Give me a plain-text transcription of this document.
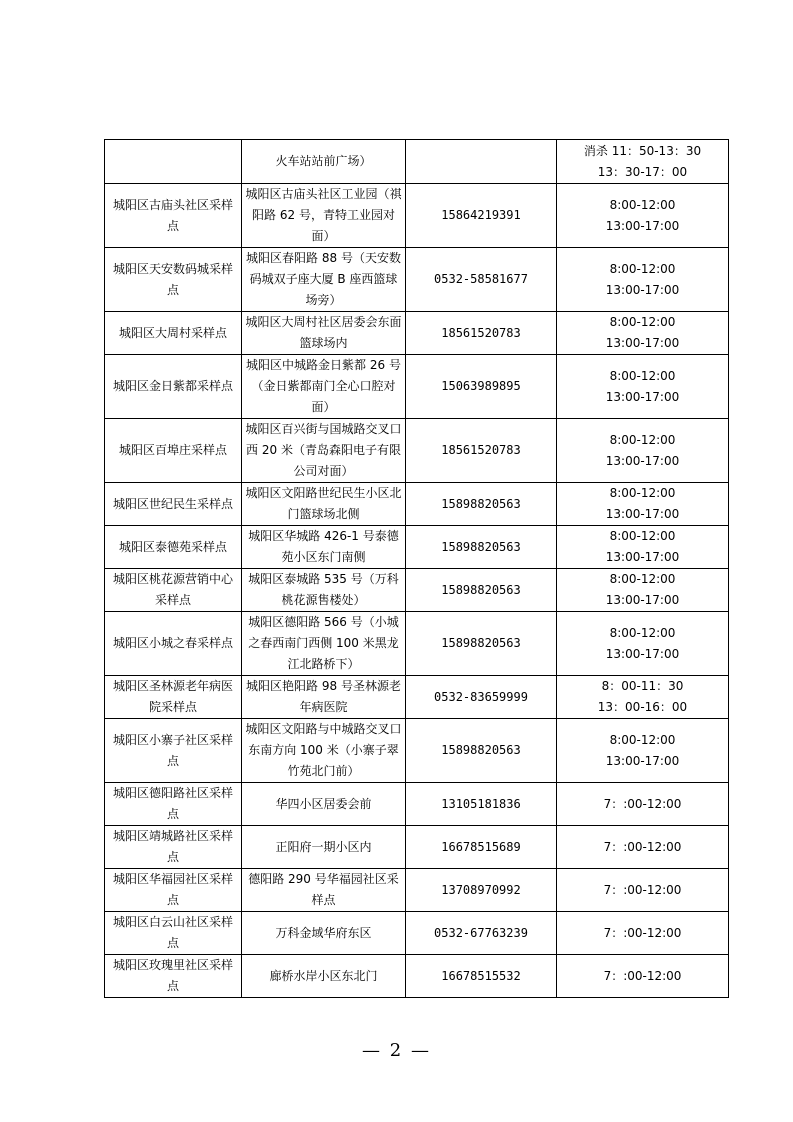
	火车站站前广场）		消杀 11：50-13：30
13：30-17：00

城阳区古庙头社区采样点	城阳区古庙头社区工业园（祺阳路 62 号，青特工业园对面）	15864219391	8:00-12:00
13:00-17:00

城阳区天安数码城采样点	城阳区春阳路 88 号（天安数码城双子座大厦 B 座西篮球场旁）	0532-58581677	8:00-12:00
13:00-17:00

城阳区大周村采样点	城阳区大周村社区居委会东面篮球场内	18561520783	8:00-12:00
13:00-17:00

城阳区金日紫都采样点	城阳区中城路金日紫都 26 号（金日紫都南门全心口腔对面）	15063989895	8:00-12:00
13:00-17:00

城阳区百埠庄采样点	城阳区百兴街与国城路交叉口西 20 米（青岛森阳电子有限公司对面）	18561520783	8:00-12:00
13:00-17:00

城阳区世纪民生采样点	城阳区文阳路世纪民生小区北门篮球场北侧	15898820563	8:00-12:00
13:00-17:00

城阳区泰德苑采样点	城阳区华城路 426-1 号泰德苑小区东门南侧	15898820563	8:00-12:00
13:00-17:00

城阳区桃花源营销中心采样点	城阳区泰城路 535 号（万科桃花源售楼处）	15898820563	8:00-12:00
13:00-17:00

城阳区小城之春采样点	城阳区德阳路 566 号（小城之春西南门西侧 100 米黑龙江北路桥下）	15898820563	8:00-12:00
13:00-17:00

城阳区圣林源老年病医院采样点	城阳区艳阳路 98 号圣林源老年病医院	0532-83659999	8：00-11：30
13：00-16：00

城阳区小寨子社区采样点	城阳区文阳路与中城路交叉口东南方向 100 米（小寨子翠竹苑北门前）	15898820563	8:00-12:00
13:00-17:00

城阳区德阳路社区采样点	华四小区居委会前	13105181836	7：:00-12:00

城阳区靖城路社区采样点	正阳府一期小区内	16678515689	7：:00-12:00

城阳区华福园社区采样点	德阳路 290 号华福园社区采样点	13708970992	7：:00-12:00

城阳区白云山社区采样点	万科金域华府东区	0532-67763239	7：:00-12:00

城阳区玫瑰里社区采样点	廊桥水岸小区东北门	16678515532	7：:00-12:00
— 2 —
